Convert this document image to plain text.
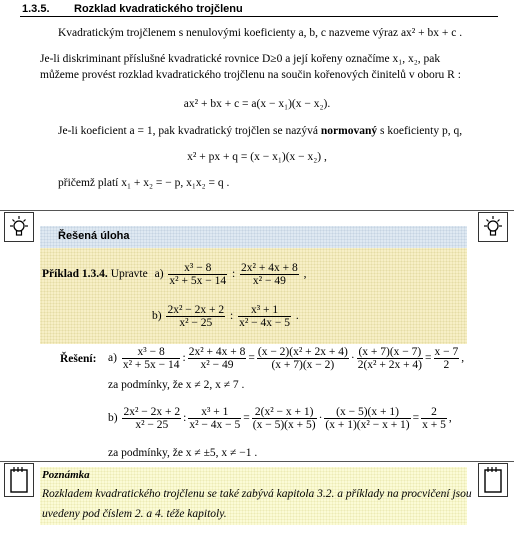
1.3.5. Rozklad kvadratického trojčlenu
Kvadratickým trojčlenem s nenulovými koeficienty a, b, c nazveme výraz ax² + bx + c .
Je-li diskriminant příslušné kvadratické rovnice D≥0 a její kořeny označíme x₁, x₂, pak
můžeme provést rozklad kvadratického trojčlenu na součin kořenových činitelů v oboru R :
ax² + bx + c = a(x − x₁)(x − x₂).
Je-li koeficient a = 1, pak kvadratický trojčlen se nazývá normovaný s koeficienty p, q,
x² + px + q = (x − x₁)(x − x₂) ,
přičemž platí x₁ + x₂ = − p, x₁x₂ = q .
Řešená úloha
Příklad 1.3.4. Upravte $a) \frac{\text{x³ − 8}}{\text{x² + 5x − 14}}$ : $\frac{\text{2x² + 4x + 8}}{\text{x² − 49}}$ ,
$b) \frac{\text{2x² − 2x + 2}}{\text{x² − 25}}$ : $\frac{\text{x³ + 1}}{\text{x² − 4x − 5}}$ .
Řešení: $a) \frac{\text{x³ − 8}}{\text{x² + 5x − 14}}$ : $\frac{\text{2x² + 4x + 8}}{\text{x² − 49}} = \frac{\text{(x − 2)(x² + 2x + 4)}}{(x + 7)(x - 2)} \cdot \frac{(x + 7)(x - 7)}{\text{2(x² + 2x + 4)}} = \frac{x - 7}{2}$ ,
za podmínky, že x ≠ 2, x ≠ 7 .
$b) \frac{\text{2x² − 2x + 2}}{\text{x² − 25}}$ : $\frac{\text{x³ + 1}}{\text{x² − 4x − 5}} = \frac{\text{2(x² − x + 1)}}{(x - 5)(x + 5)} \cdot \frac{(x - 5)(x + 1)}{\text{(x + 1)(x² − x + 1)}} = \frac{2}{x + 5}$ ,
za podmínky, že x ≠ ±5, x ≠ −1 .
Poznámka
Rozkladem kvadratického trojčlenu se také zabývá kapitola 3.2. a příklady na procvičení jsou
uvedeny pod číslem 2. a 4. téže kapitoly.
